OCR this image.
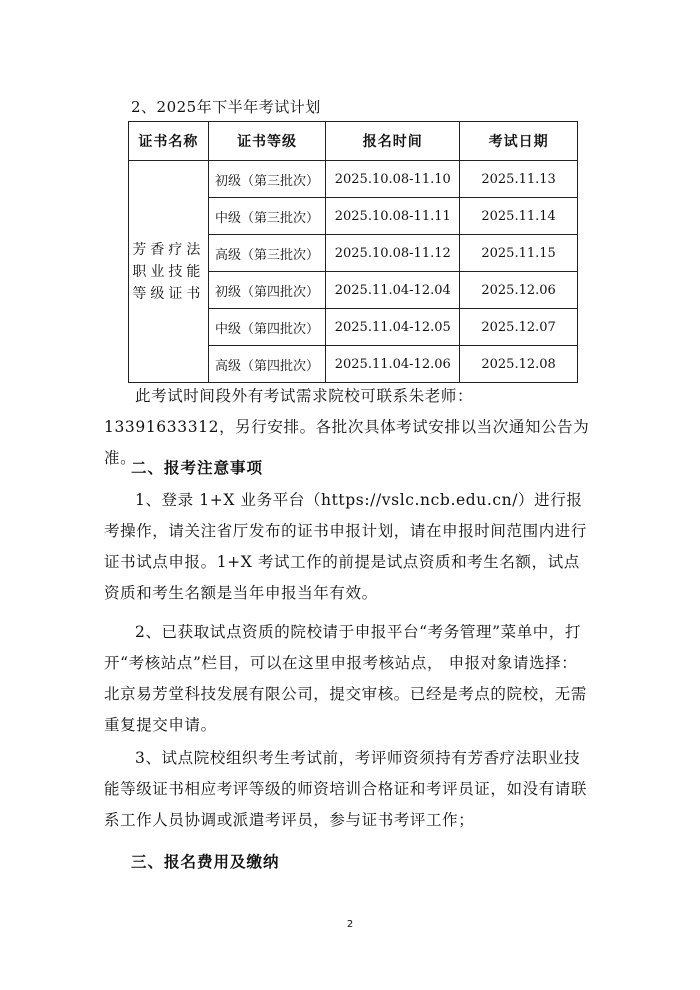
2、2025年下半年考试计划
证书名称	证书等级	报名时间	考试日期
芳香疗法
职业技能
等级证书	初级（第三批次）	2025.10.08-11.10	2025.11.13
	中级（第三批次）	2025.10.08-11.11	2025.11.14
	高级（第三批次）	2025.10.08-11.12	2025.11.15
	初级（第四批次）	2025.11.04-12.04	2025.12.06
	中级（第四批次）	2025.11.04-12.05	2025.12.07
	高级（第四批次）	2025.11.04-12.06	2025.12.08

此考试时间段外有考试需求院校可联系朱老师：13391633312，另行安排。各批次具体考试安排以当次通知公告为准。

二、报考注意事项

1、登录 1+X 业务平台（https://vslc.ncb.edu.cn/）进行报考操作，请关注省厅发布的证书申报计划，请在申报时间范围内进行证书试点申报。1+X 考试工作的前提是试点资质和考生名额，试点资质和考生名额是当年申报当年有效。

2、已获取试点资质的院校请于申报平台“考务管理”菜单中，打开“考核站点”栏目，可以在这里申报考核站点， 申报对象请选择：北京易芳堂科技发展有限公司，提交审核。已经是考点的院校，无需重复提交申请。

3、试点院校组织考生考试前，考评师资须持有芳香疗法职业技能等级证书相应考评等级的师资培训合格证和考评员证，如没有请联系工作人员协调或派遣考评员，参与证书考评工作；

三、报名费用及缴纳
2
